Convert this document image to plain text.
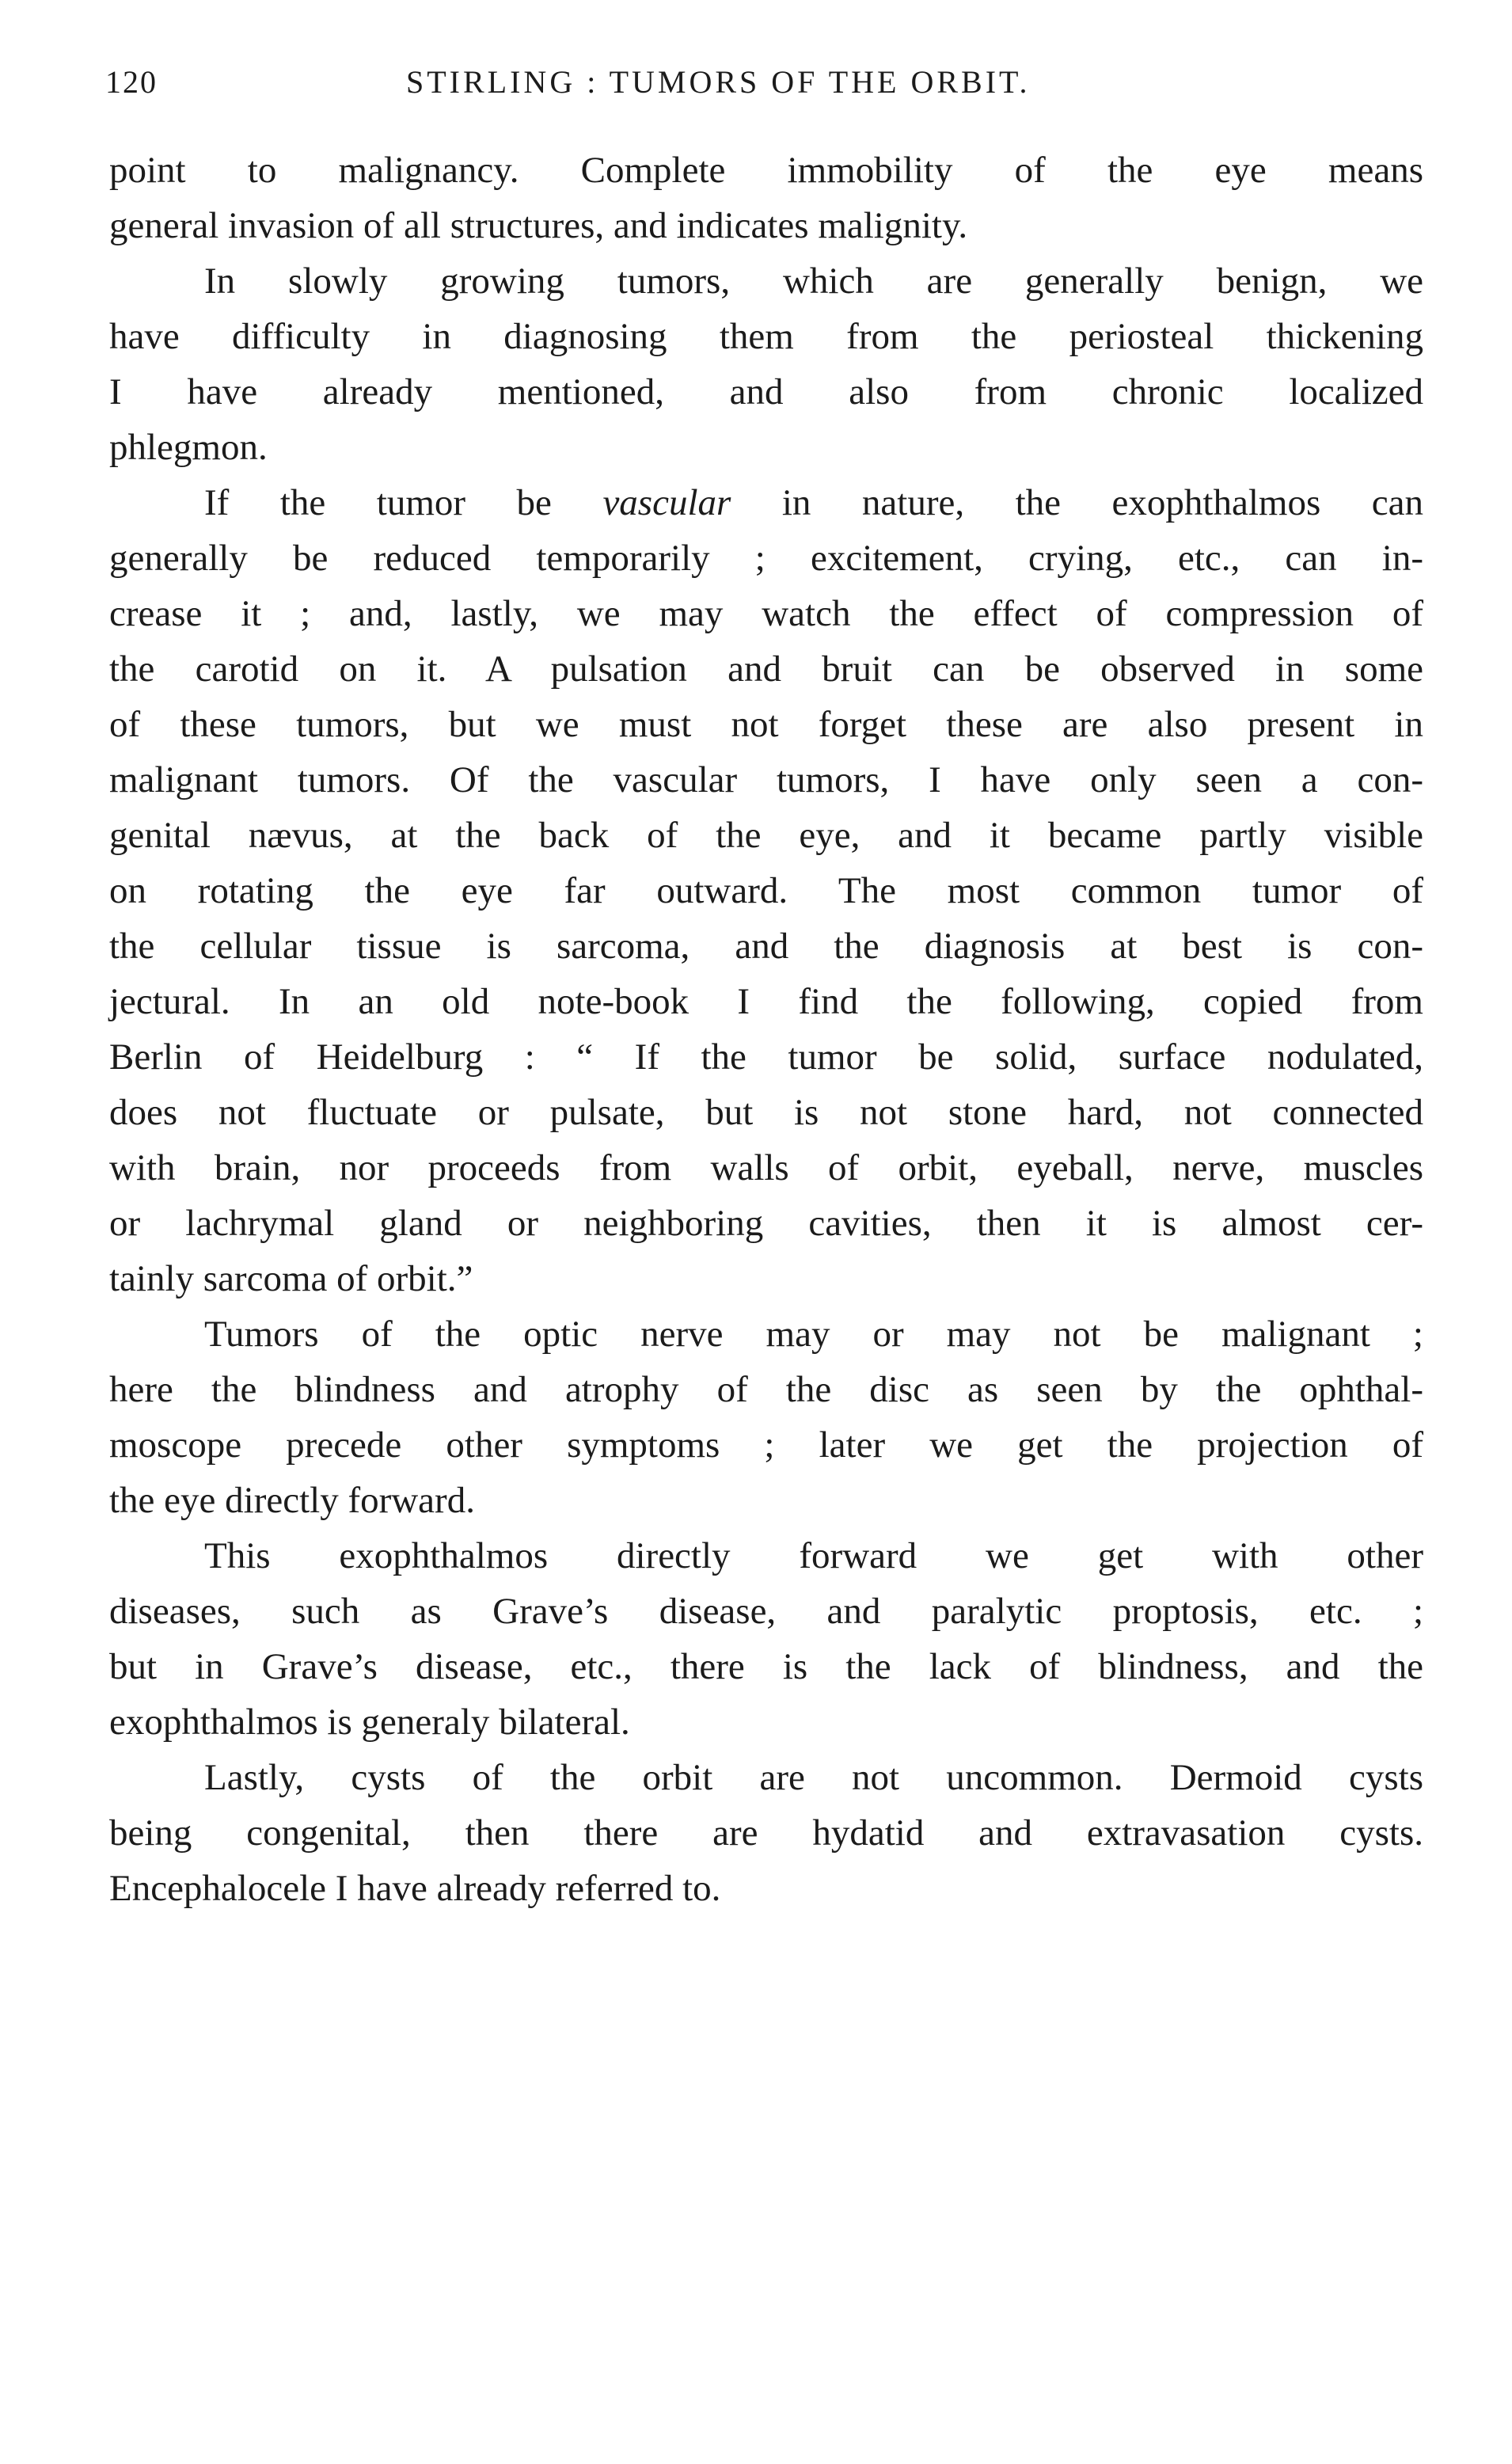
120	STIRLING : TUMORS OF THE ORBIT.
point to malignancy. Complete immobility of the eye means
general invasion of all structures, and indicates malignity.
In slowly growing tumors, which are generally benign, we
have difficulty in diagnosing them from the periosteal thickening
I have already mentioned, and also from chronic localized
phlegmon.
If the tumor be vascular in nature, the exophthalmos can
generally be reduced temporarily ; excitement, crying, etc., can in-
crease it ; and, lastly, we may watch the effect of compression of
the carotid on it. A pulsation and bruit can be observed in some
of these tumors, but we must not forget these are also present in
malignant tumors. Of the vascular tumors, I have only seen a con-
genital nævus, at the back of the eye, and it became partly visible
on rotating the eye far outward. The most common tumor of
the cellular tissue is sarcoma, and the diagnosis at best is con-
jectural. In an old note-book I find the following, copied from
Berlin of Heidelburg : “ If the tumor be solid, surface nodulated,
does not fluctuate or pulsate, but is not stone hard, not connected
with brain, nor proceeds from walls of orbit, eyeball, nerve, muscles
or lachrymal gland or neighboring cavities, then it is almost cer-
tainly sarcoma of orbit.”
Tumors of the optic nerve may or may not be malignant ;
here the blindness and atrophy of the disc as seen by the ophthal-
moscope precede other symptoms ; later we get the projection of
the eye directly forward.
This exophthalmos directly forward we get with other
diseases, such as Grave’s disease, and paralytic proptosis, etc. ;
but in Grave’s disease, etc., there is the lack of blindness, and the
exophthalmos is generaly bilateral.
Lastly, cysts of the orbit are not uncommon. Dermoid cysts
being congenital, then there are hydatid and extravasation cysts.
Encephalocele I have already referred to.
